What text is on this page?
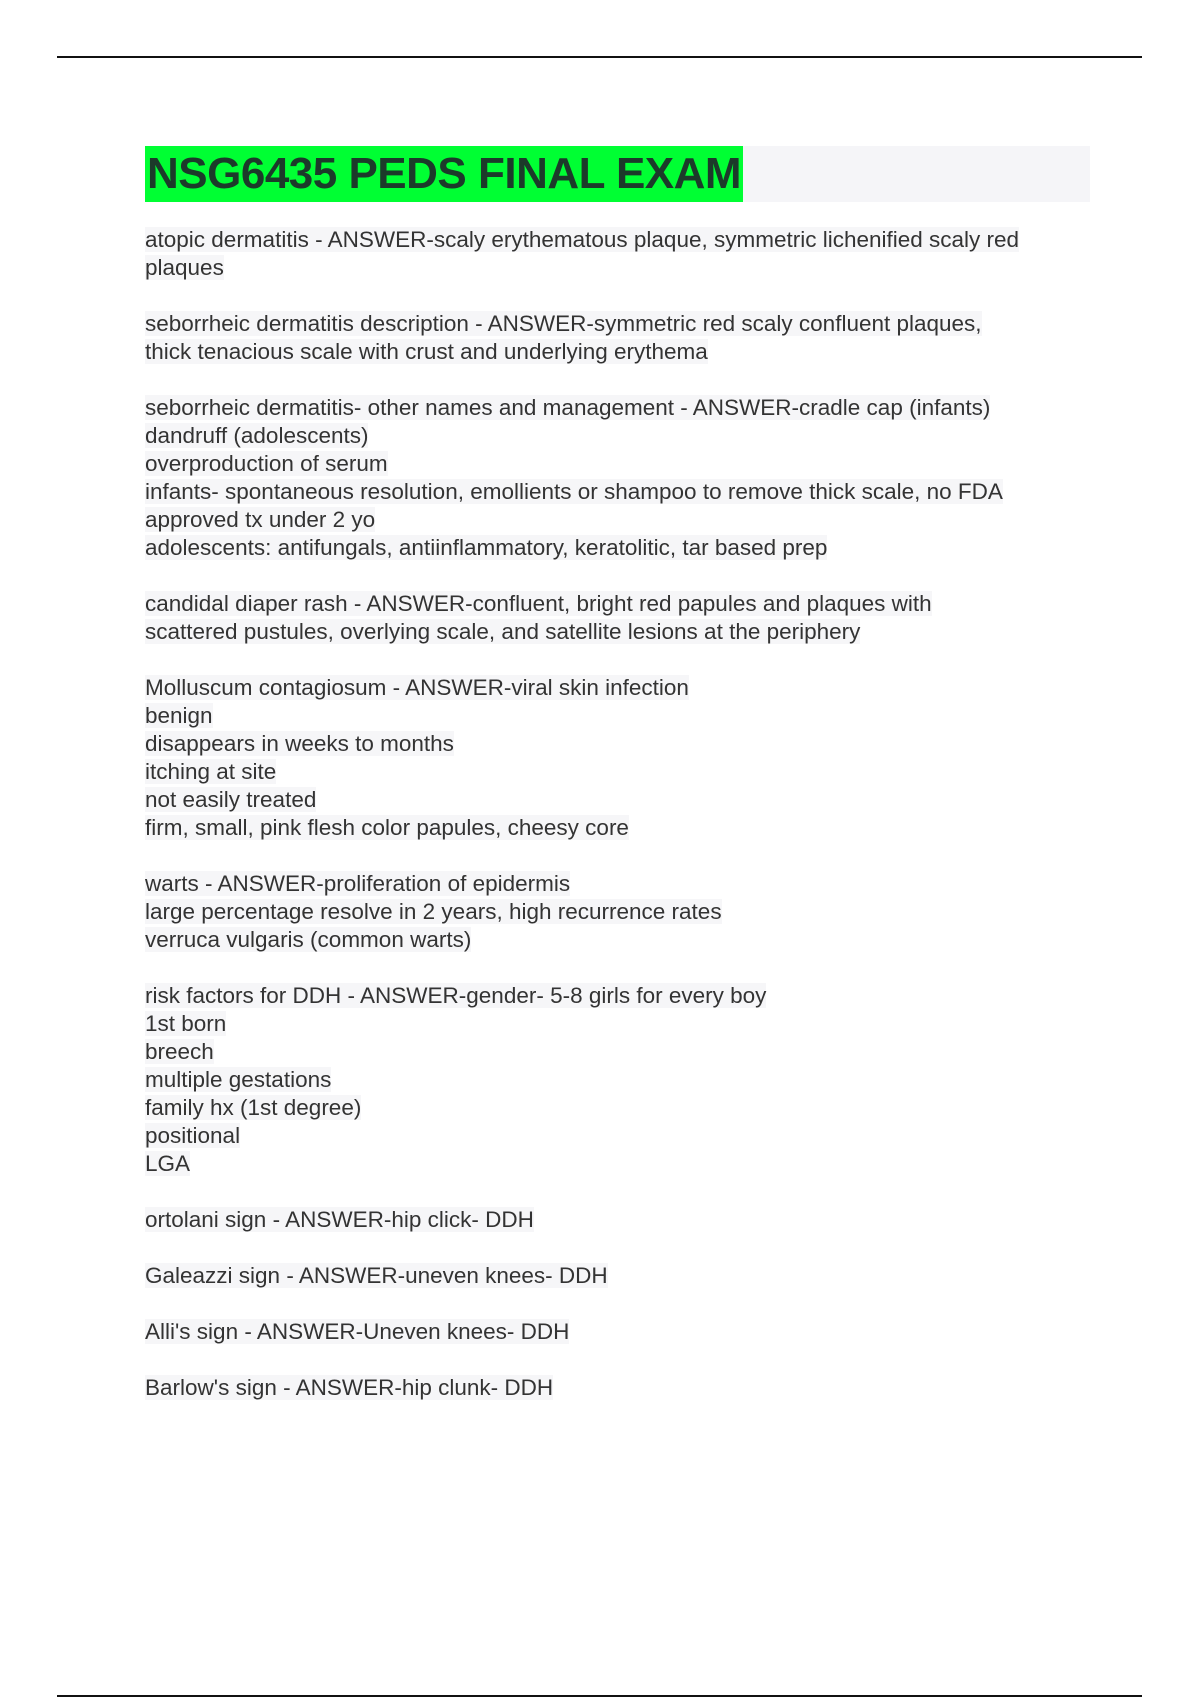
NSG6435 PEDS FINAL EXAM
atopic dermatitis - ANSWER-scaly erythematous plaque, symmetric lichenified scaly red
plaques
seborrheic dermatitis description - ANSWER-symmetric red scaly confluent plaques,
thick tenacious scale with crust and underlying erythema
seborrheic dermatitis- other names and management - ANSWER-cradle cap (infants)
dandruff (adolescents)
overproduction of serum
infants- spontaneous resolution, emollients or shampoo to remove thick scale, no FDA
approved tx under 2 yo
adolescents: antifungals, antiinflammatory, keratolitic, tar based prep
candidal diaper rash - ANSWER-confluent, bright red papules and plaques with
scattered pustules, overlying scale, and satellite lesions at the periphery
Molluscum contagiosum - ANSWER-viral skin infection
benign
disappears in weeks to months
itching at site
not easily treated
firm, small, pink flesh color papules, cheesy core
warts - ANSWER-proliferation of epidermis
large percentage resolve in 2 years, high recurrence rates
verruca vulgaris (common warts)
risk factors for DDH - ANSWER-gender- 5-8 girls for every boy
1st born
breech
multiple gestations
family hx (1st degree)
positional
LGA
ortolani sign - ANSWER-hip click- DDH
Galeazzi sign - ANSWER-uneven knees- DDH
Alli's sign - ANSWER-Uneven knees- DDH
Barlow's sign - ANSWER-hip clunk- DDH
